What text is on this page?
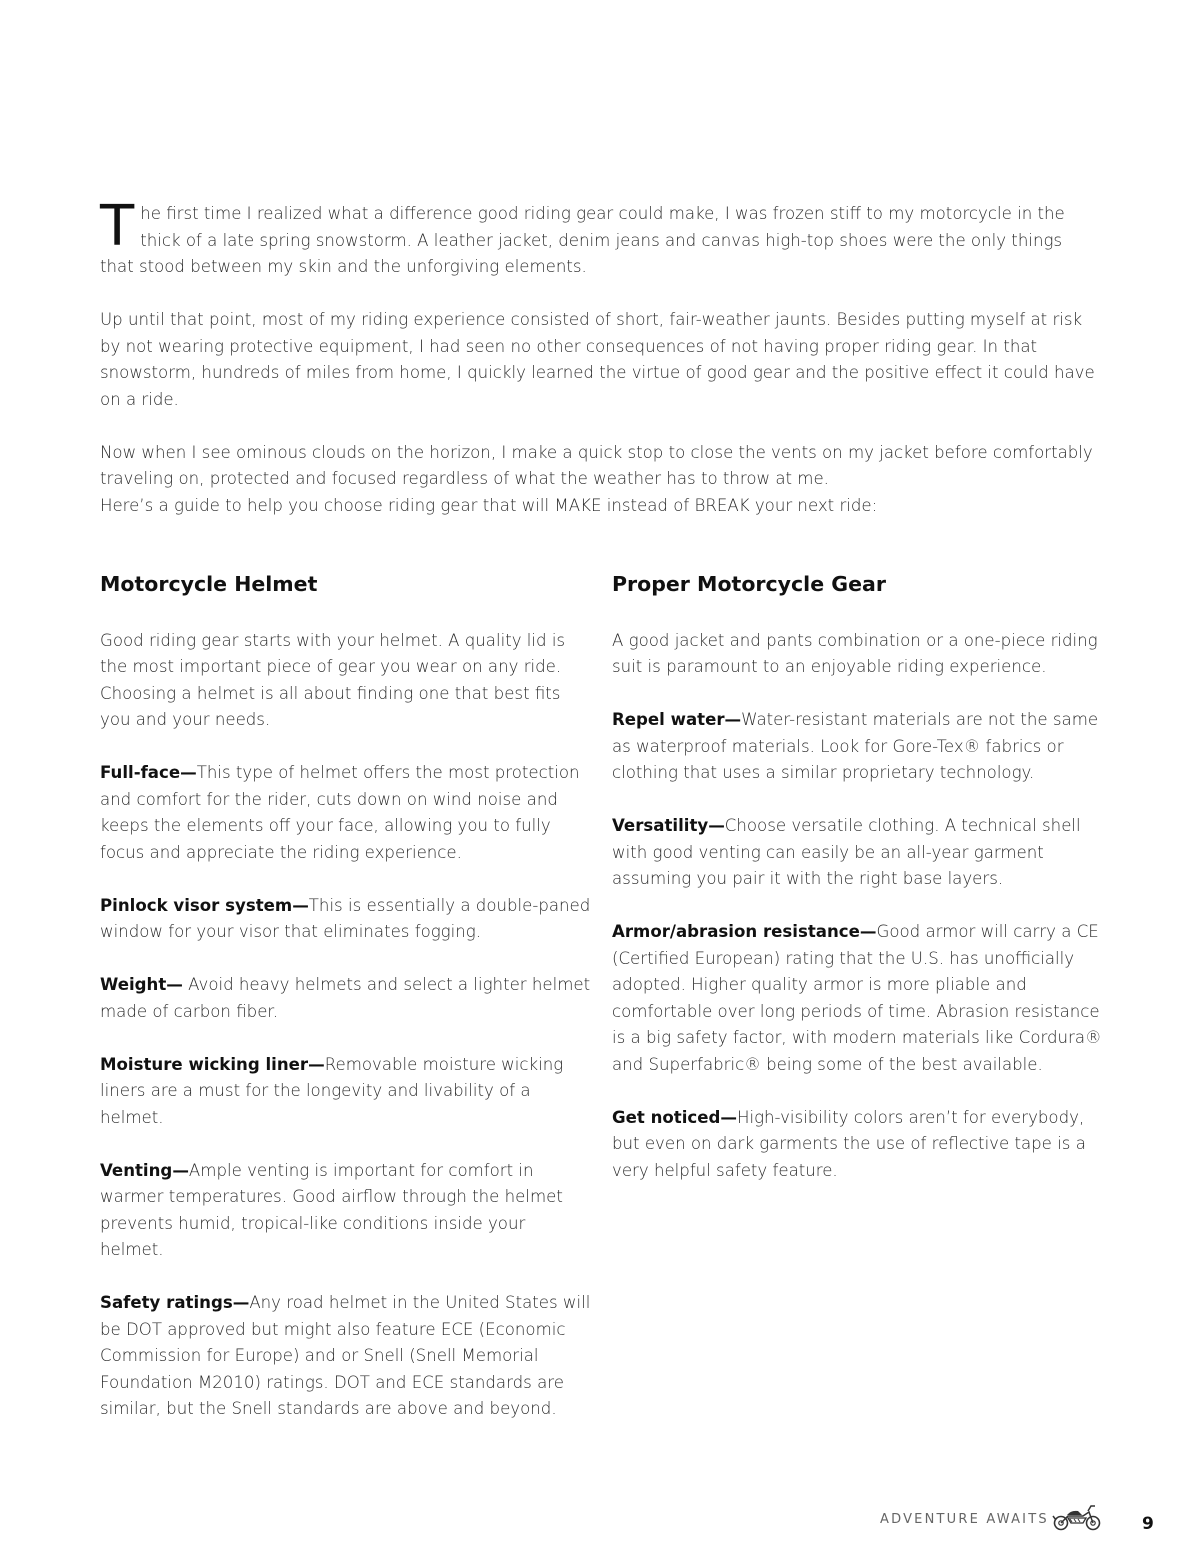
The first time I realized what a difference good riding gear could make, I was frozen stiff to my motorcycle in the thick of a late spring snowstorm. A leather jacket, denim jeans and canvas high-top shoes were the only things that stood between my skin and the unforgiving elements.

Up until that point, most of my riding experience consisted of short, fair-weather jaunts. Besides putting myself at risk by not wearing protective equipment, I had seen no other consequences of not having proper riding gear. In that snowstorm, hundreds of miles from home, I quickly learned the virtue of good gear and the positive effect it could have on a ride.

Now when I see ominous clouds on the horizon, I make a quick stop to close the vents on my jacket before comfortably traveling on, protected and focused regardless of what the weather has to throw at me.
Here’s a guide to help you choose riding gear that will MAKE instead of BREAK your next ride:

Motorcycle Helmet

Good riding gear starts with your helmet. A quality lid is the most important piece of gear you wear on any ride. Choosing a helmet is all about finding one that best fits you and your needs.

Full-face—This type of helmet offers the most protection and comfort for the rider, cuts down on wind noise and keeps the elements off your face, allowing you to fully focus and appreciate the riding experience.

Pinlock visor system—This is essentially a double-paned window for your visor that eliminates fogging.

Weight— Avoid heavy helmets and select a lighter helmet made of carbon fiber.

Moisture wicking liner—Removable moisture wicking liners are a must for the longevity and livability of a helmet.

Venting—Ample venting is important for comfort in warmer temperatures. Good airflow through the helmet prevents humid, tropical-like conditions inside your helmet.

Safety ratings—Any road helmet in the United States will be DOT approved but might also feature ECE (Economic Commission for Europe) and or Snell (Snell Memorial Foundation M2010) ratings. DOT and ECE standards are similar, but the Snell standards are above and beyond.

Proper Motorcycle Gear

A good jacket and pants combination or a one-piece riding suit is paramount to an enjoyable riding experience.

Repel water—Water-resistant materials are not the same as waterproof materials. Look for Gore-Tex® fabrics or clothing that uses a similar proprietary technology.

Versatility—Choose versatile clothing. A technical shell with good venting can easily be an all-year garment assuming you pair it with the right base layers.

Armor/abrasion resistance—Good armor will carry a CE (Certified European) rating that the U.S. has unofficially adopted. Higher quality armor is more pliable and comfortable over long periods of time. Abrasion resistance is a big safety factor, with modern materials like Cordura® and Superfabric® being some of the best available.

Get noticed—High-visibility colors aren’t for everybody, but even on dark garments the use of reflective tape is a very helpful safety feature.

ADVENTURE AWAITS	9
